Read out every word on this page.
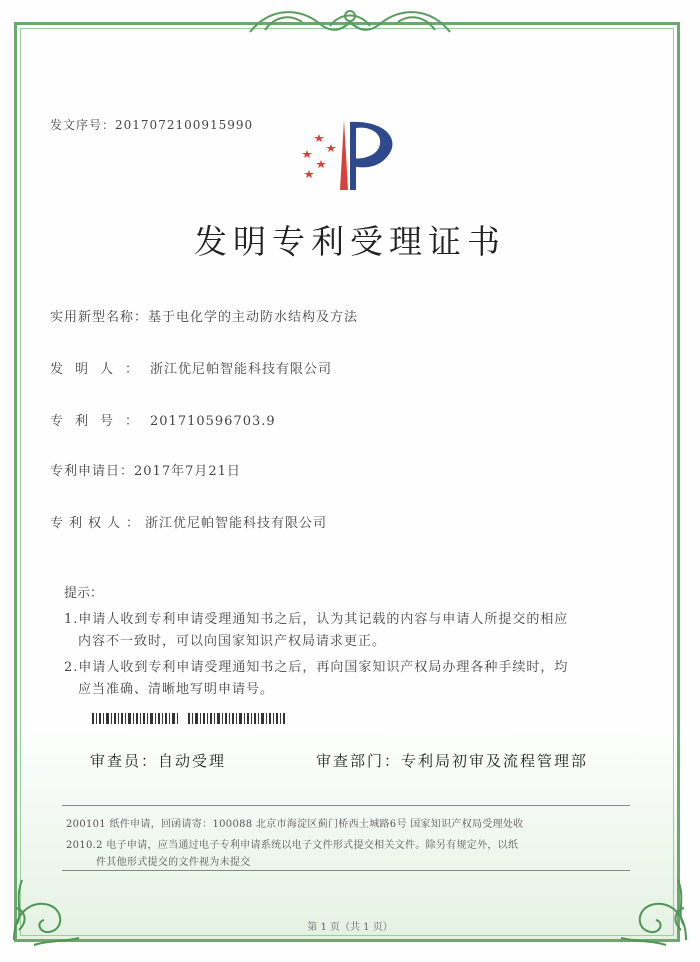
发文序号：2017072100915990
发明专利受理证书
实用新型名称：基于电化学的主动防水结构及方法
发明人：浙江优尼帕智能科技有限公司
专利号：201710596703.9
专利申请日：2017年7月21日
专利权人：浙江优尼帕智能科技有限公司
提示：
1.申请人收到专利申请受理通知书之后，认为其记载的内容与申请人所提交的相应
内容不一致时，可以向国家知识产权局请求更正。
2.申请人收到专利申请受理通知书之后，再向国家知识产权局办理各种手续时，均
应当准确、清晰地写明申请号。
审查员：自动受理	审查部门：专利局初审及流程管理部
200101 纸件申请，回函请寄：100088 北京市海淀区蓟门桥西土城路6号 国家知识产权局受理处收
2010.2 电子申请，应当通过电子专利申请系统以电子文件形式提交相关文件。除另有规定外，以纸
件其他形式提交的文件视为未提交
第 1 页（共 1 页）
